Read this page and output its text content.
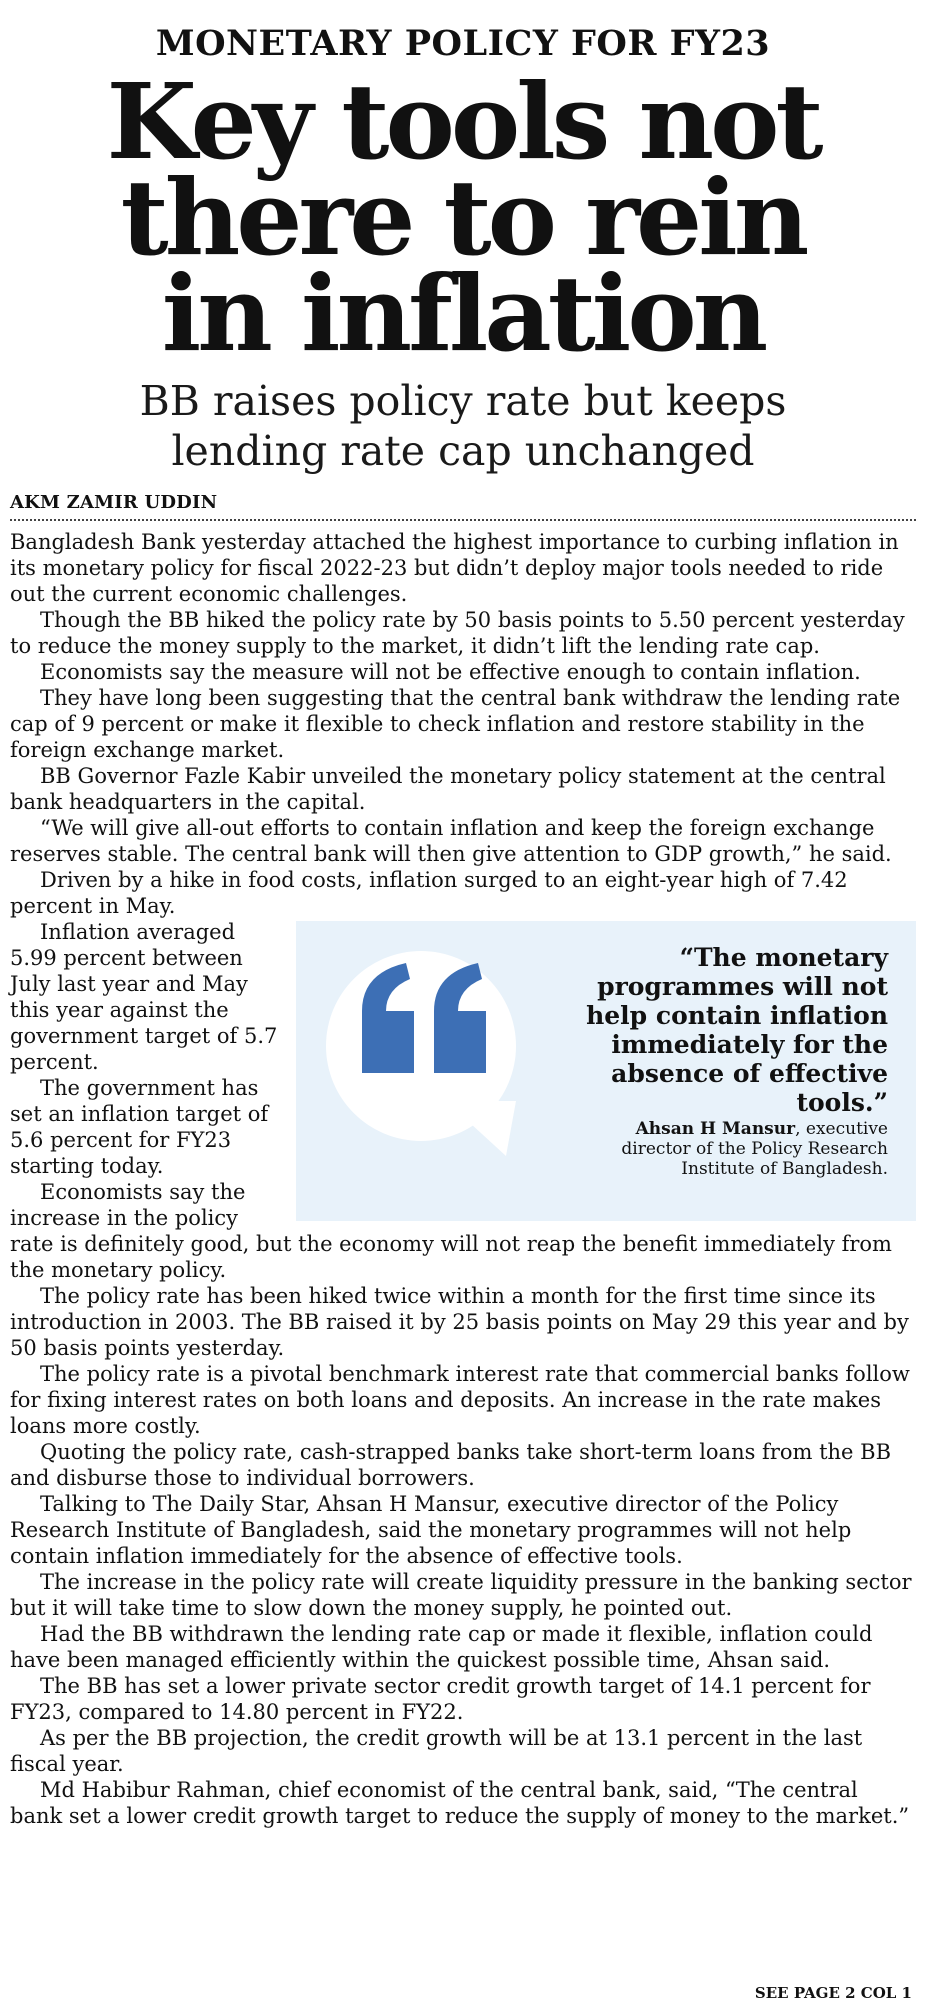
MONETARY POLICY FOR FY23
Key tools not
there to rein
in inflation
BB raises policy rate but keeps
lending rate cap unchanged
AKM ZAMIR UDDIN

Bangladesh Bank yesterday attached the highest importance to curbing inflation in its monetary policy for fiscal 2022-23 but didn’t deploy major tools needed to ride out the current economic challenges.

Though the BB hiked the policy rate by 50 basis points to 5.50 percent yesterday to reduce the money supply to the market, it didn’t lift the lending rate cap.

Economists say the measure will not be effective enough to contain inflation.

They have long been suggesting that the central bank withdraw the lending rate cap of 9 percent or make it flexible to check inflation and restore stability in the foreign exchange market.

BB Governor Fazle Kabir unveiled the monetary policy statement at the central bank headquarters in the capital.

“We will give all-out efforts to contain inflation and keep the foreign exchange reserves stable. The central bank will then give attention to GDP growth,” he said.

Driven by a hike in food costs, inflation surged to an eight-year high of 7.42 percent in May.

“The monetary programmes will not help contain inflation immediately for the absence of effective tools.”
Ahsan H Mansur, executive director of the Policy Research Institute of Bangladesh.

Inflation averaged 5.99 percent between July last year and May this year against the government target of 5.7 percent.

The government has set an inflation target of 5.6 percent for FY23 starting today.

Economists say the increase in the policy rate is definitely good, but the economy will not reap the benefit immediately from the monetary policy.

The policy rate has been hiked twice within a month for the first time since its introduction in 2003. The BB raised it by 25 basis points on May 29 this year and by 50 basis points yesterday.

The policy rate is a pivotal benchmark interest rate that commercial banks follow for fixing interest rates on both loans and deposits. An increase in the rate makes loans more costly.

Quoting the policy rate, cash-strapped banks take short-term loans from the BB and disburse those to individual borrowers.

Talking to The Daily Star, Ahsan H Mansur, executive director of the Policy Research Institute of Bangladesh, said the monetary programmes will not help contain inflation immediately for the absence of effective tools.

The increase in the policy rate will create liquidity pressure in the banking sector but it will take time to slow down the money supply, he pointed out.

Had the BB withdrawn the lending rate cap or made it flexible, inflation could have been managed efficiently within the quickest possible time, Ahsan said.

The BB has set a lower private sector credit growth target of 14.1 percent for FY23, compared to 14.80 percent in FY22.

As per the BB projection, the credit growth will be at 13.1 percent in the last fiscal year.

Md Habibur Rahman, chief economist of the central bank, said, “The central bank set a lower credit growth target to reduce the supply of money to the market.”

SEE PAGE 2 COL 1
